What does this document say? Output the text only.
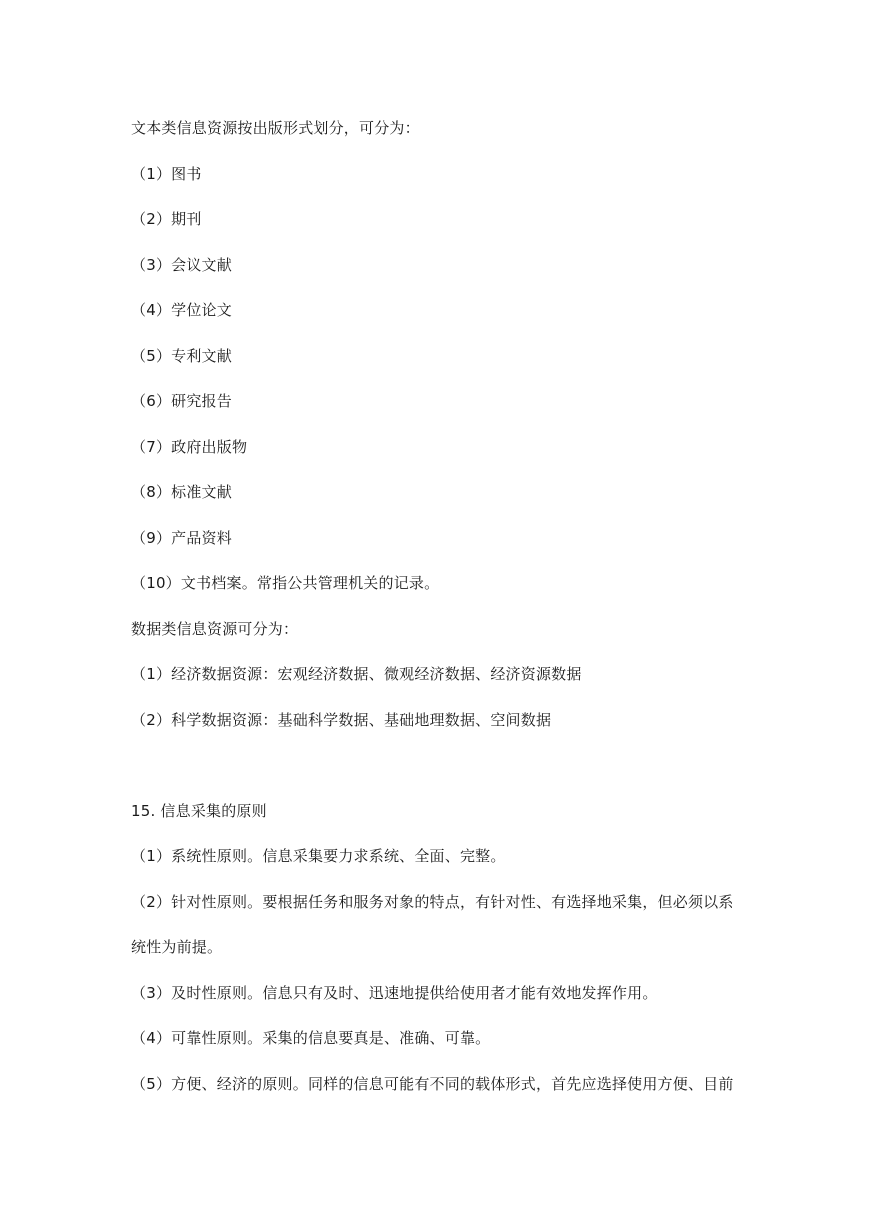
文本类信息资源按出版形式划分，可分为：
（1）图书
（2）期刊
（3）会议文献
（4）学位论文
（5）专利文献
（6）研究报告
（7）政府出版物
（8）标准文献
（9）产品资料
（10）文书档案。常指公共管理机关的记录。
数据类信息资源可分为：
（1）经济数据资源：宏观经济数据、微观经济数据、经济资源数据
（2）科学数据资源：基础科学数据、基础地理数据、空间数据
15. 信息采集的原则
（1）系统性原则。信息采集要力求系统、全面、完整。
（2）针对性原则。要根据任务和服务对象的特点，有针对性、有选择地采集，但必须以系
统性为前提。
（3）及时性原则。信息只有及时、迅速地提供给使用者才能有效地发挥作用。
（4）可靠性原则。采集的信息要真是、准确、可靠。
（5）方便、经济的原则。同样的信息可能有不同的载体形式，首先应选择使用方便、目前
